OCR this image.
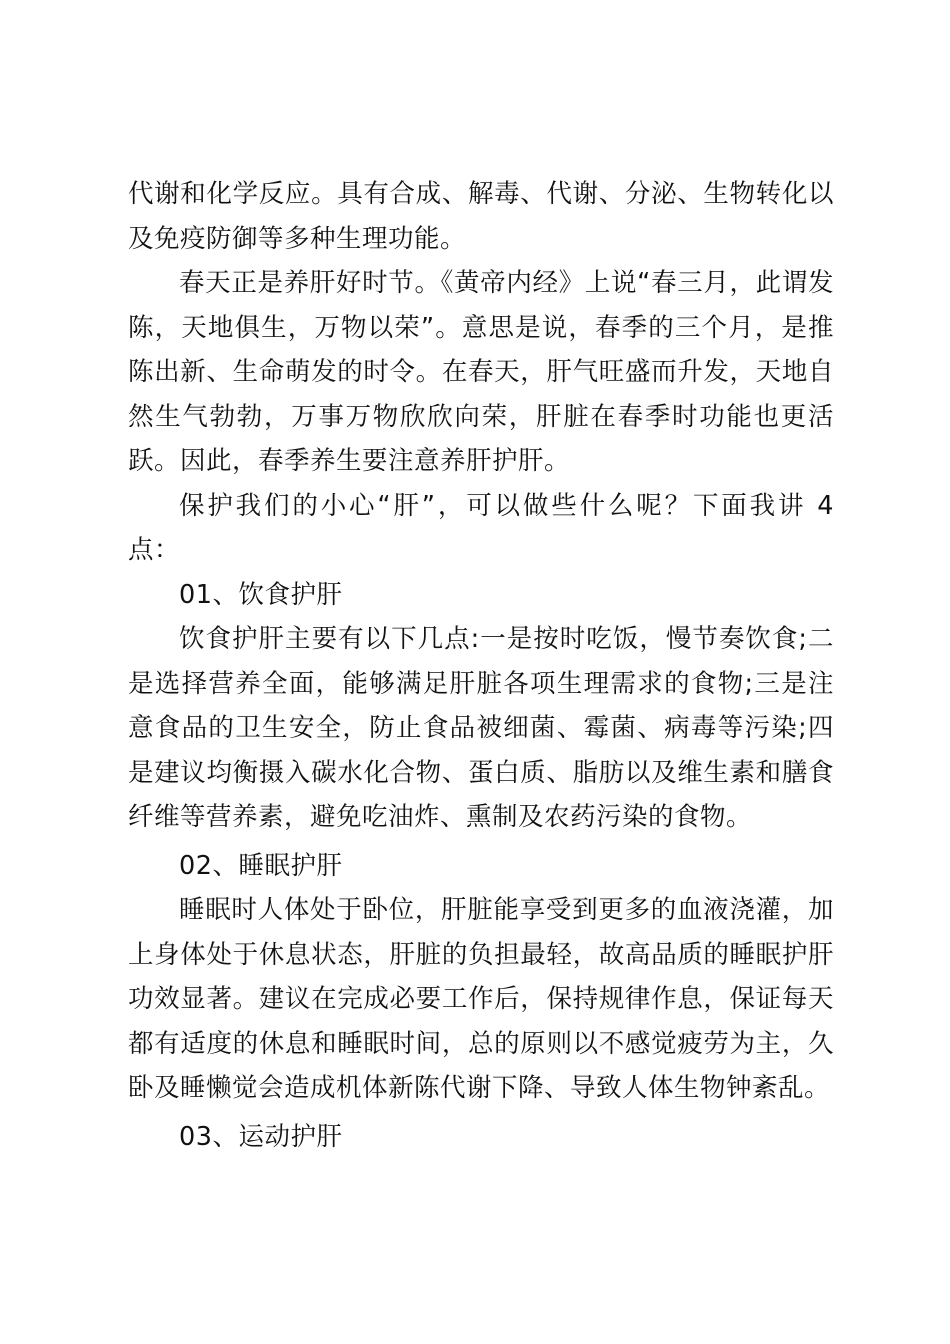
代谢和化学反应。具有合成、解毒、代谢、分泌、生物转化以及免疫防御等多种生理功能。

春天正是养肝好时节。《黄帝内经》上说“春三月，此谓发陈，天地俱生，万物以荣”。意思是说，春季的三个月，是推陈出新、生命萌发的时令。在春天，肝气旺盛而升发，天地自然生气勃勃，万事万物欣欣向荣，肝脏在春季时功能也更活跃。因此，春季养生要注意养肝护肝。

保护我们的小心“肝”，可以做些什么呢？下面我讲 4 点：

01、饮食护肝

饮食护肝主要有以下几点:一是按时吃饭，慢节奏饮食;二是选择营养全面，能够满足肝脏各项生理需求的食物;三是注意食品的卫生安全，防止食品被细菌、霉菌、病毒等污染;四是建议均衡摄入碳水化合物、蛋白质、脂肪以及维生素和膳食纤维等营养素，避免吃油炸、熏制及农药污染的食物。

02、睡眠护肝

睡眠时人体处于卧位，肝脏能享受到更多的血液浇灌，加上身体处于休息状态，肝脏的负担最轻，故高品质的睡眠护肝功效显著。建议在完成必要工作后，保持规律作息，保证每天都有适度的休息和睡眠时间，总的原则以不感觉疲劳为主，久卧及睡懒觉会造成机体新陈代谢下降、导致人体生物钟紊乱。

03、运动护肝
